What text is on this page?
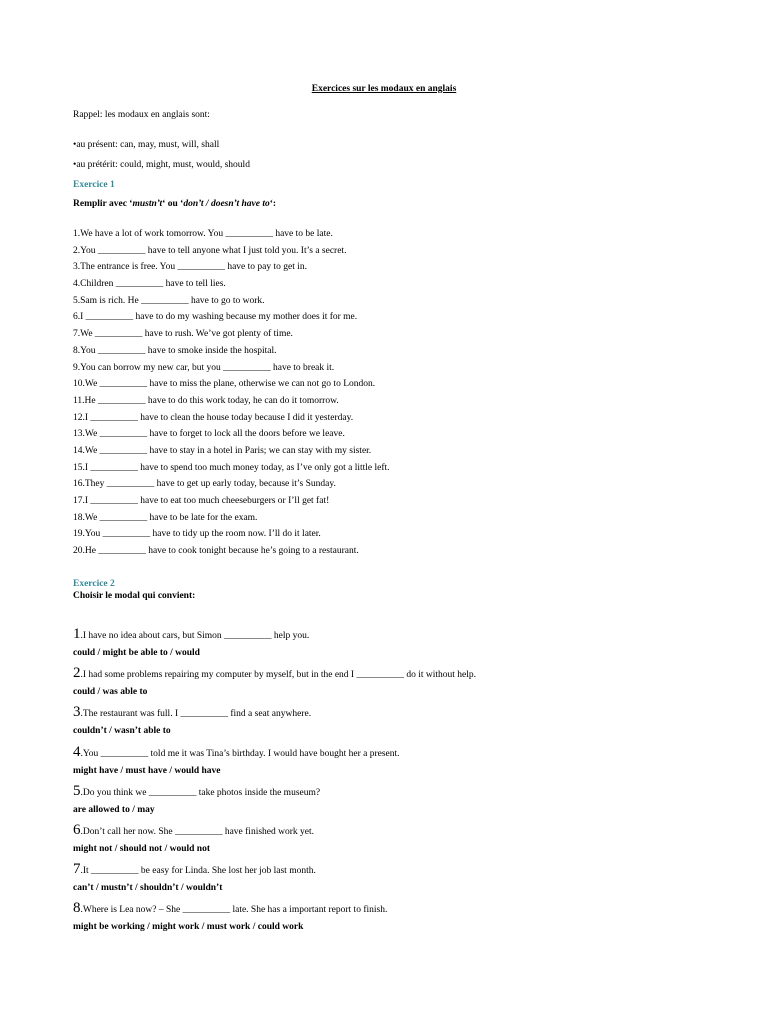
Exercices sur les modaux en anglais
Rappel: les modaux en anglais sont:
•au présent: can, may, must, will, shall
•au prétérit: could, might, must, would, should
Exercice 1
Remplir avec ‘mustn’t‘ ou ‘don’t / doesn’t have to‘:
1.We have a lot of work tomorrow. You __________ have to be late.
2.You __________ have to tell anyone what I just told you. It’s a secret.
3.The entrance is free. You __________ have to pay to get in.
4.Children __________ have to tell lies.
5.Sam is rich. He __________ have to go to work.
6.I __________ have to do my washing because my mother does it for me.
7.We __________ have to rush. We’ve got plenty of time.
8.You __________ have to smoke inside the hospital.
9.You can borrow my new car, but you __________ have to break it.
10.We __________ have to miss the plane, otherwise we can not go to London.
11.He __________ have to do this work today, he can do it tomorrow.
12.I __________ have to clean the house today because I did it yesterday.
13.We __________ have to forget to lock all the doors before we leave.
14.We __________ have to stay in a hotel in Paris; we can stay with my sister.
15.I __________ have to spend too much money today, as I’ve only got a little left.
16.They __________ have to get up early today, because it’s Sunday.
17.I __________ have to eat too much cheeseburgers or I’ll get fat!
18.We __________ have to be late for the exam.
19.You __________ have to tidy up the room now. I’ll do it later.
20.He __________ have to cook tonight because he’s going to a restaurant.
Exercice 2
Choisir le modal qui convient:
1.I have no idea about cars, but Simon __________ help you.
could / might be able to / would
2.I had some problems repairing my computer by myself, but in the end I __________ do it without help.
could / was able to
3.The restaurant was full. I __________ find a seat anywhere.
couldn’t / wasn’t able to
4.You __________ told me it was Tina’s birthday. I would have bought her a present.
might have / must have / would have
5.Do you think we __________ take photos inside the museum?
are allowed to / may
6.Don’t call her now. She __________ have finished work yet.
might not / should not / would not
7.It __________ be easy for Linda. She lost her job last month.
can’t / mustn’t / shouldn’t / wouldn’t
8.Where is Lea now? – She __________ late. She has a important report to finish.
might be working / might work / must work / could work
